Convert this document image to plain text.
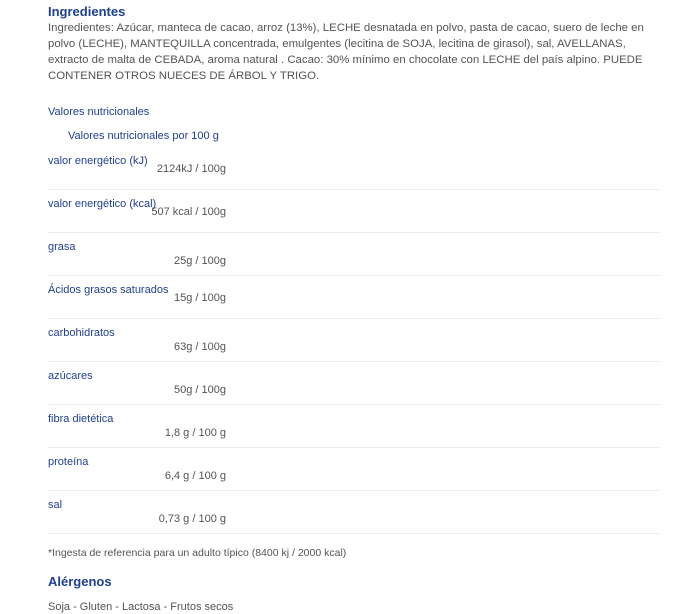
Ingredientes

Ingredientes: Azúcar, manteca de cacao, arroz (13%), LECHE desnatada en polvo, pasta de cacao, suero de leche en polvo (LECHE), MANTEQUILLA concentrada, emulgentes (lecitina de SOJA, lecitina de girasol), sal, AVELLANAS, extracto de malta de CEBADA, aroma natural . Cacao: 30% mínimo en chocolate con LECHE del país alpino. PUEDE CONTENER OTROS NUECES DE ÁRBOL Y TRIGO.

Valores nutricionales
Valores nutricionales por 100 g
valor energético (kJ)
2124kJ / 100g
valor energético (kcal)
507 kcal / 100g
grasa
25g / 100g
Ácidos grasos saturados
15g / 100g
carbohidratos
63g / 100g
azúcares
50g / 100g
fibra dietética
1,8 g / 100 g
proteína
6,4 g / 100 g
sal
0,73 g / 100 g
*Ingesta de referencia para un adulto típico (8400 kj / 2000 kcal)
Alérgenos
Soja - Gluten - Lactosa - Frutos secos
